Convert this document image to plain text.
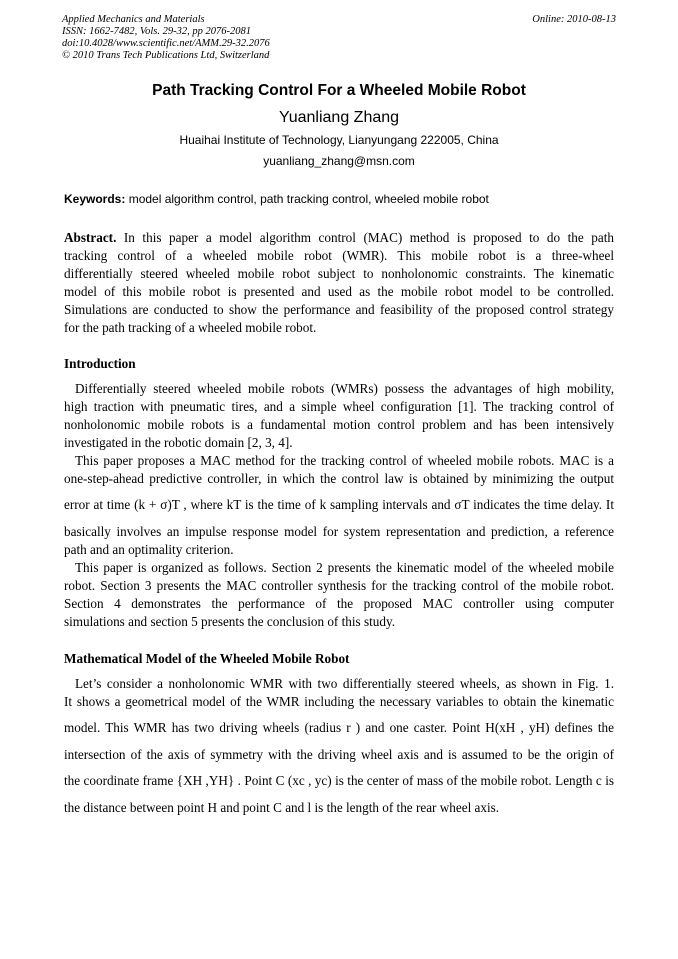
Applied Mechanics and Materials
ISSN: 1662-7482, Vols. 29-32, pp 2076-2081
doi:10.4028/www.scientific.net/AMM.29-32.2076
© 2010 Trans Tech Publications Ltd, Switzerland
Online: 2010-08-13
Path Tracking Control For a Wheeled Mobile Robot
Yuanliang Zhang
Huaihai Institute of Technology, Lianyungang 222005, China
yuanliang_zhang@msn.com
Keywords: model algorithm control, path tracking control, wheeled mobile robot
Abstract. In this paper a model algorithm control (MAC) method is proposed to do the path
tracking control of a wheeled mobile robot (WMR). This mobile robot is a three-wheel
differentially steered wheeled mobile robot subject to nonholonomic constraints. The kinematic
model of this mobile robot is presented and used as the mobile robot model to be controlled.
Simulations are conducted to show the performance and feasibility of the proposed control strategy
for the path tracking of a wheeled mobile robot.
Introduction
Differentially steered wheeled mobile robots (WMRs) possess the advantages of high mobility,
high traction with pneumatic tires, and a simple wheel configuration [1]. The tracking control of
nonholonomic mobile robots is a fundamental motion control problem and has been intensively
investigated in the robotic domain [2, 3, 4].
This paper proposes a MAC method for the tracking control of wheeled mobile robots. MAC is a
one-step-ahead predictive controller, in which the control law is obtained by minimizing the output
error at time (k + σ)T , where kT is the time of k sampling intervals and σT indicates the time delay. It
basically involves an impulse response model for system representation and prediction, a reference
path and an optimality criterion.
This paper is organized as follows. Section 2 presents the kinematic model of the wheeled mobile
robot. Section 3 presents the MAC controller synthesis for the tracking control of the mobile robot.
Section 4 demonstrates the performance of the proposed MAC controller using computer
simulations and section 5 presents the conclusion of this study.
Mathematical Model of the Wheeled Mobile Robot
Let’s consider a nonholonomic WMR with two differentially steered wheels, as shown in Fig. 1.
It shows a geometrical model of the WMR including the necessary variables to obtain the kinematic
model. This WMR has two driving wheels (radius r ) and one caster. Point H(xH , yH) defines the
intersection of the axis of symmetry with the driving wheel axis and is assumed to be the origin of
the coordinate frame {XH ,YH} . Point C (xc , yc) is the center of mass of the mobile robot. Length c is
the distance between point H and point C and l is the length of the rear wheel axis.
